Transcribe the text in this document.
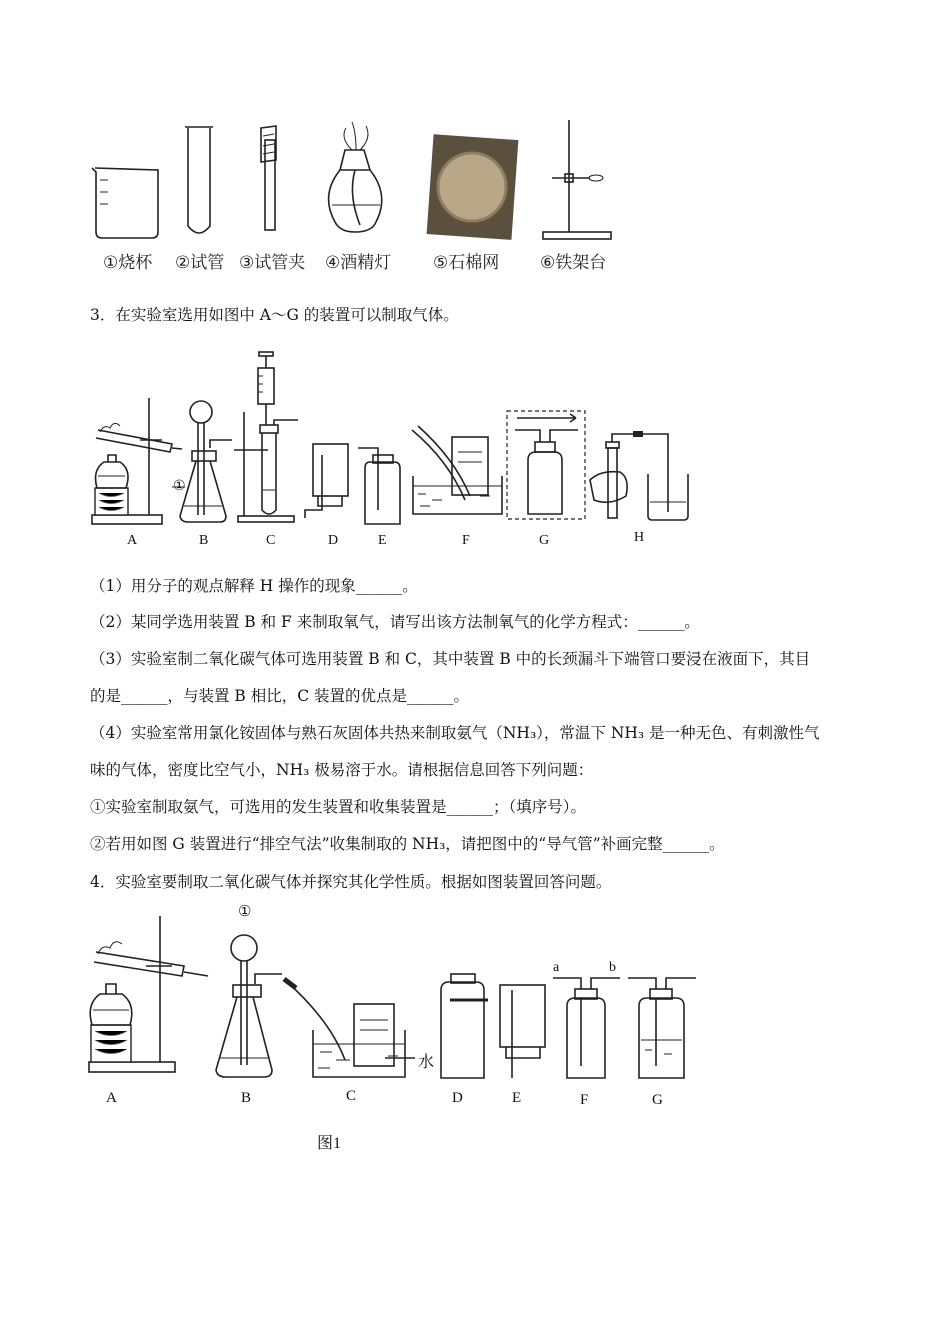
①烧杯 ②试管 ③试管夹 ④酒精灯 ⑤石棉网 ⑥铁架台
3．在实验室选用如图中 A～G 的装置可以制取气体。
①
A	B	C	D	E	F	G	H
（1）用分子的观点解释 H 操作的现象______。
（2）某同学选用装置 B 和 F 来制取氧气，请写出该方法制氧气的化学方程式：______。
（3）实验室制二氧化碳气体可选用装置 B 和 C，其中装置 B 中的长颈漏斗下端管口要浸在液面下，其目
的是______，与装置 B 相比，C 装置的优点是______。
（4）实验室常用氯化铵固体与熟石灰固体共热来制取氨气（NH₃），常温下 NH₃ 是一种无色、有刺激性气
味的气体，密度比空气小，NH₃ 极易溶于水。请根据信息回答下列问题：
①实验室制取氨气，可选用的发生装置和收集装置是______；（填序号）。
②若用如图 G 装置进行“排空气法”收集制取的 NH₃，请把图中的“导气管”补画完整______。
4．实验室要制取二氧化碳气体并探究其化学性质。根据如图装置回答问题。
①
水
a	b
A	B	C	D	E	F	G
图1
